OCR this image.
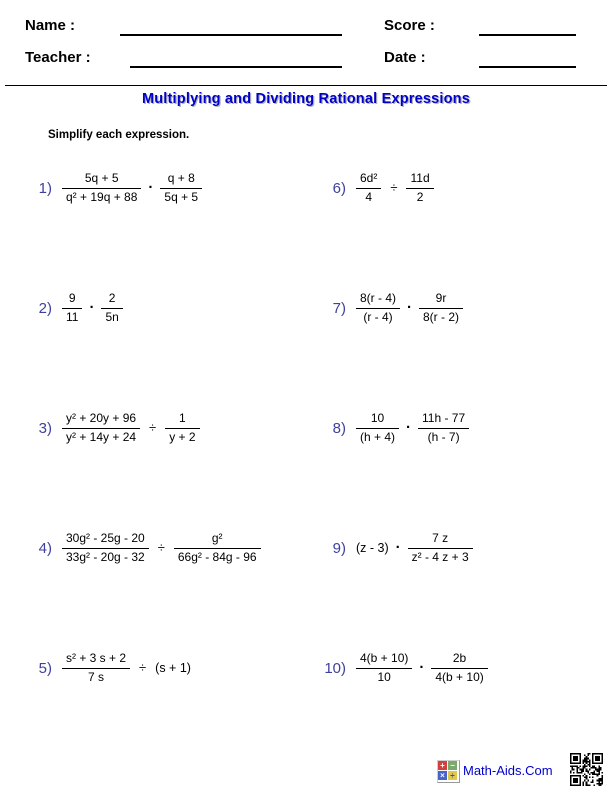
Name :	Score :
Teacher :	Date :
Multiplying and Dividing Rational Expressions
Simplify each expression.
$1) \frac{5q + 5}{\text{q² + 19q + 88}} \cdot \frac{q + 8}{5q + 5}$
$2) \frac{9}{11} \cdot \frac{2}{5n}$
$3) \frac{\text{y² + 20y + 96}}{\text{y² + 14y + 24}} \div \frac{1}{y + 2}$
$4) \frac{\text{30g² - 25g - 20}}{\text{33g² - 20g - 32}} \div \frac{\text{g²}}{\text{66g² - 84g - 96}}$
$5) \frac{\text{s² + 3 s + 2}}{7 s} \div (s + 1)$
$6) \frac{\text{6d²}}{4} \div \frac{11d}{2}$
$7) \frac{8(r - 4)}{(r - 4)} \cdot \frac{9r}{8(r - 2)}$
$8) \frac{10}{(h + 4)} \cdot \frac{11h - 77}{(h - 7)}$
9) $(z - 3) \cdot \frac{7 z}{\text{z² - 4 z + 3}}$
$10) \frac{4(b + 10)}{10} \cdot \frac{2b}{4(b + 10)}$
+ −
× ÷ Math-Aids.Com
